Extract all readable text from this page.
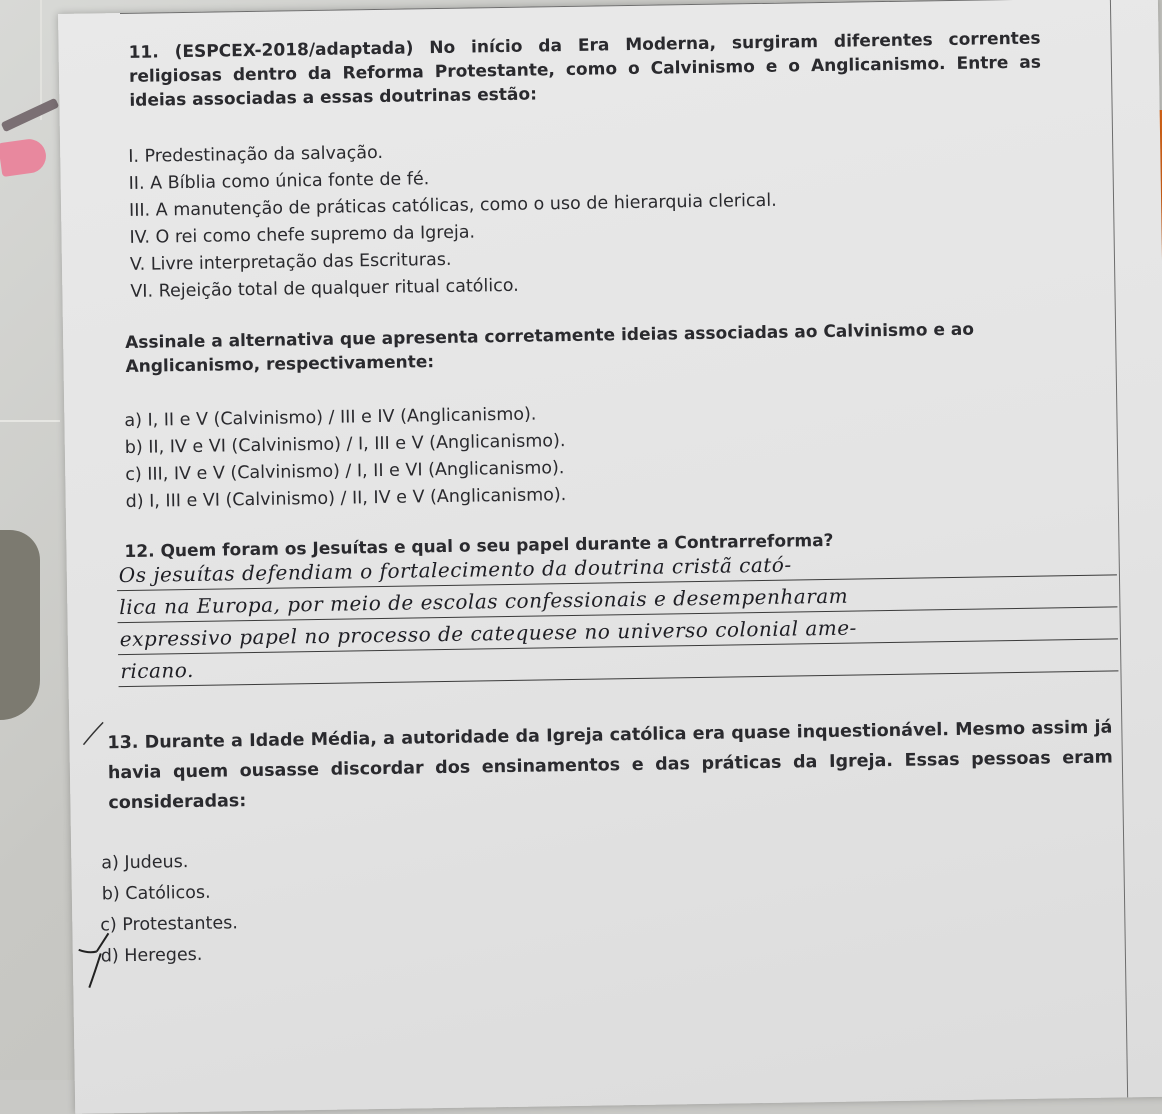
11. (ESPCEX-2018/adaptada) No início da Era Moderna, surgiram diferentes correntes religiosas dentro da Reforma Protestante, como o Calvinismo e o Anglicanismo. Entre as ideias associadas a essas doutrinas estão:
I. Predestinação da salvação.
II. A Bíblia como única fonte de fé.
III. A manutenção de práticas católicas, como o uso de hierarquia clerical.
IV. O rei como chefe supremo da Igreja.
V. Livre interpretação das Escrituras.
VI. Rejeição total de qualquer ritual católico.
Assinale a alternativa que apresenta corretamente ideias associadas ao Calvinismo e ao Anglicanismo, respectivamente:
a) I, II e V (Calvinismo) / III e IV (Anglicanismo).
b) II, IV e VI (Calvinismo) / I, III e V (Anglicanismo).
c) III, IV e V (Calvinismo) / I, II e VI (Anglicanismo).
d) I, III e VI (Calvinismo) / II, IV e V (Anglicanismo).
12. Quem foram os Jesuítas e qual o seu papel durante a Contrarreforma?
Os jesuítas defendiam o fortalecimento da doutrina cristã cató-
lica na Europa, por meio de escolas confessionais e desempenharam
expressivo papel no processo de catequese no universo colonial ame-
ricano.
13. Durante a Idade Média, a autoridade da Igreja católica era quase inquestionável. Mesmo assim já havia quem ousasse discordar dos ensinamentos e das práticas da Igreja. Essas pessoas eram consideradas:
a) Judeus.
b) Católicos.
c) Protestantes.
d) Hereges.
